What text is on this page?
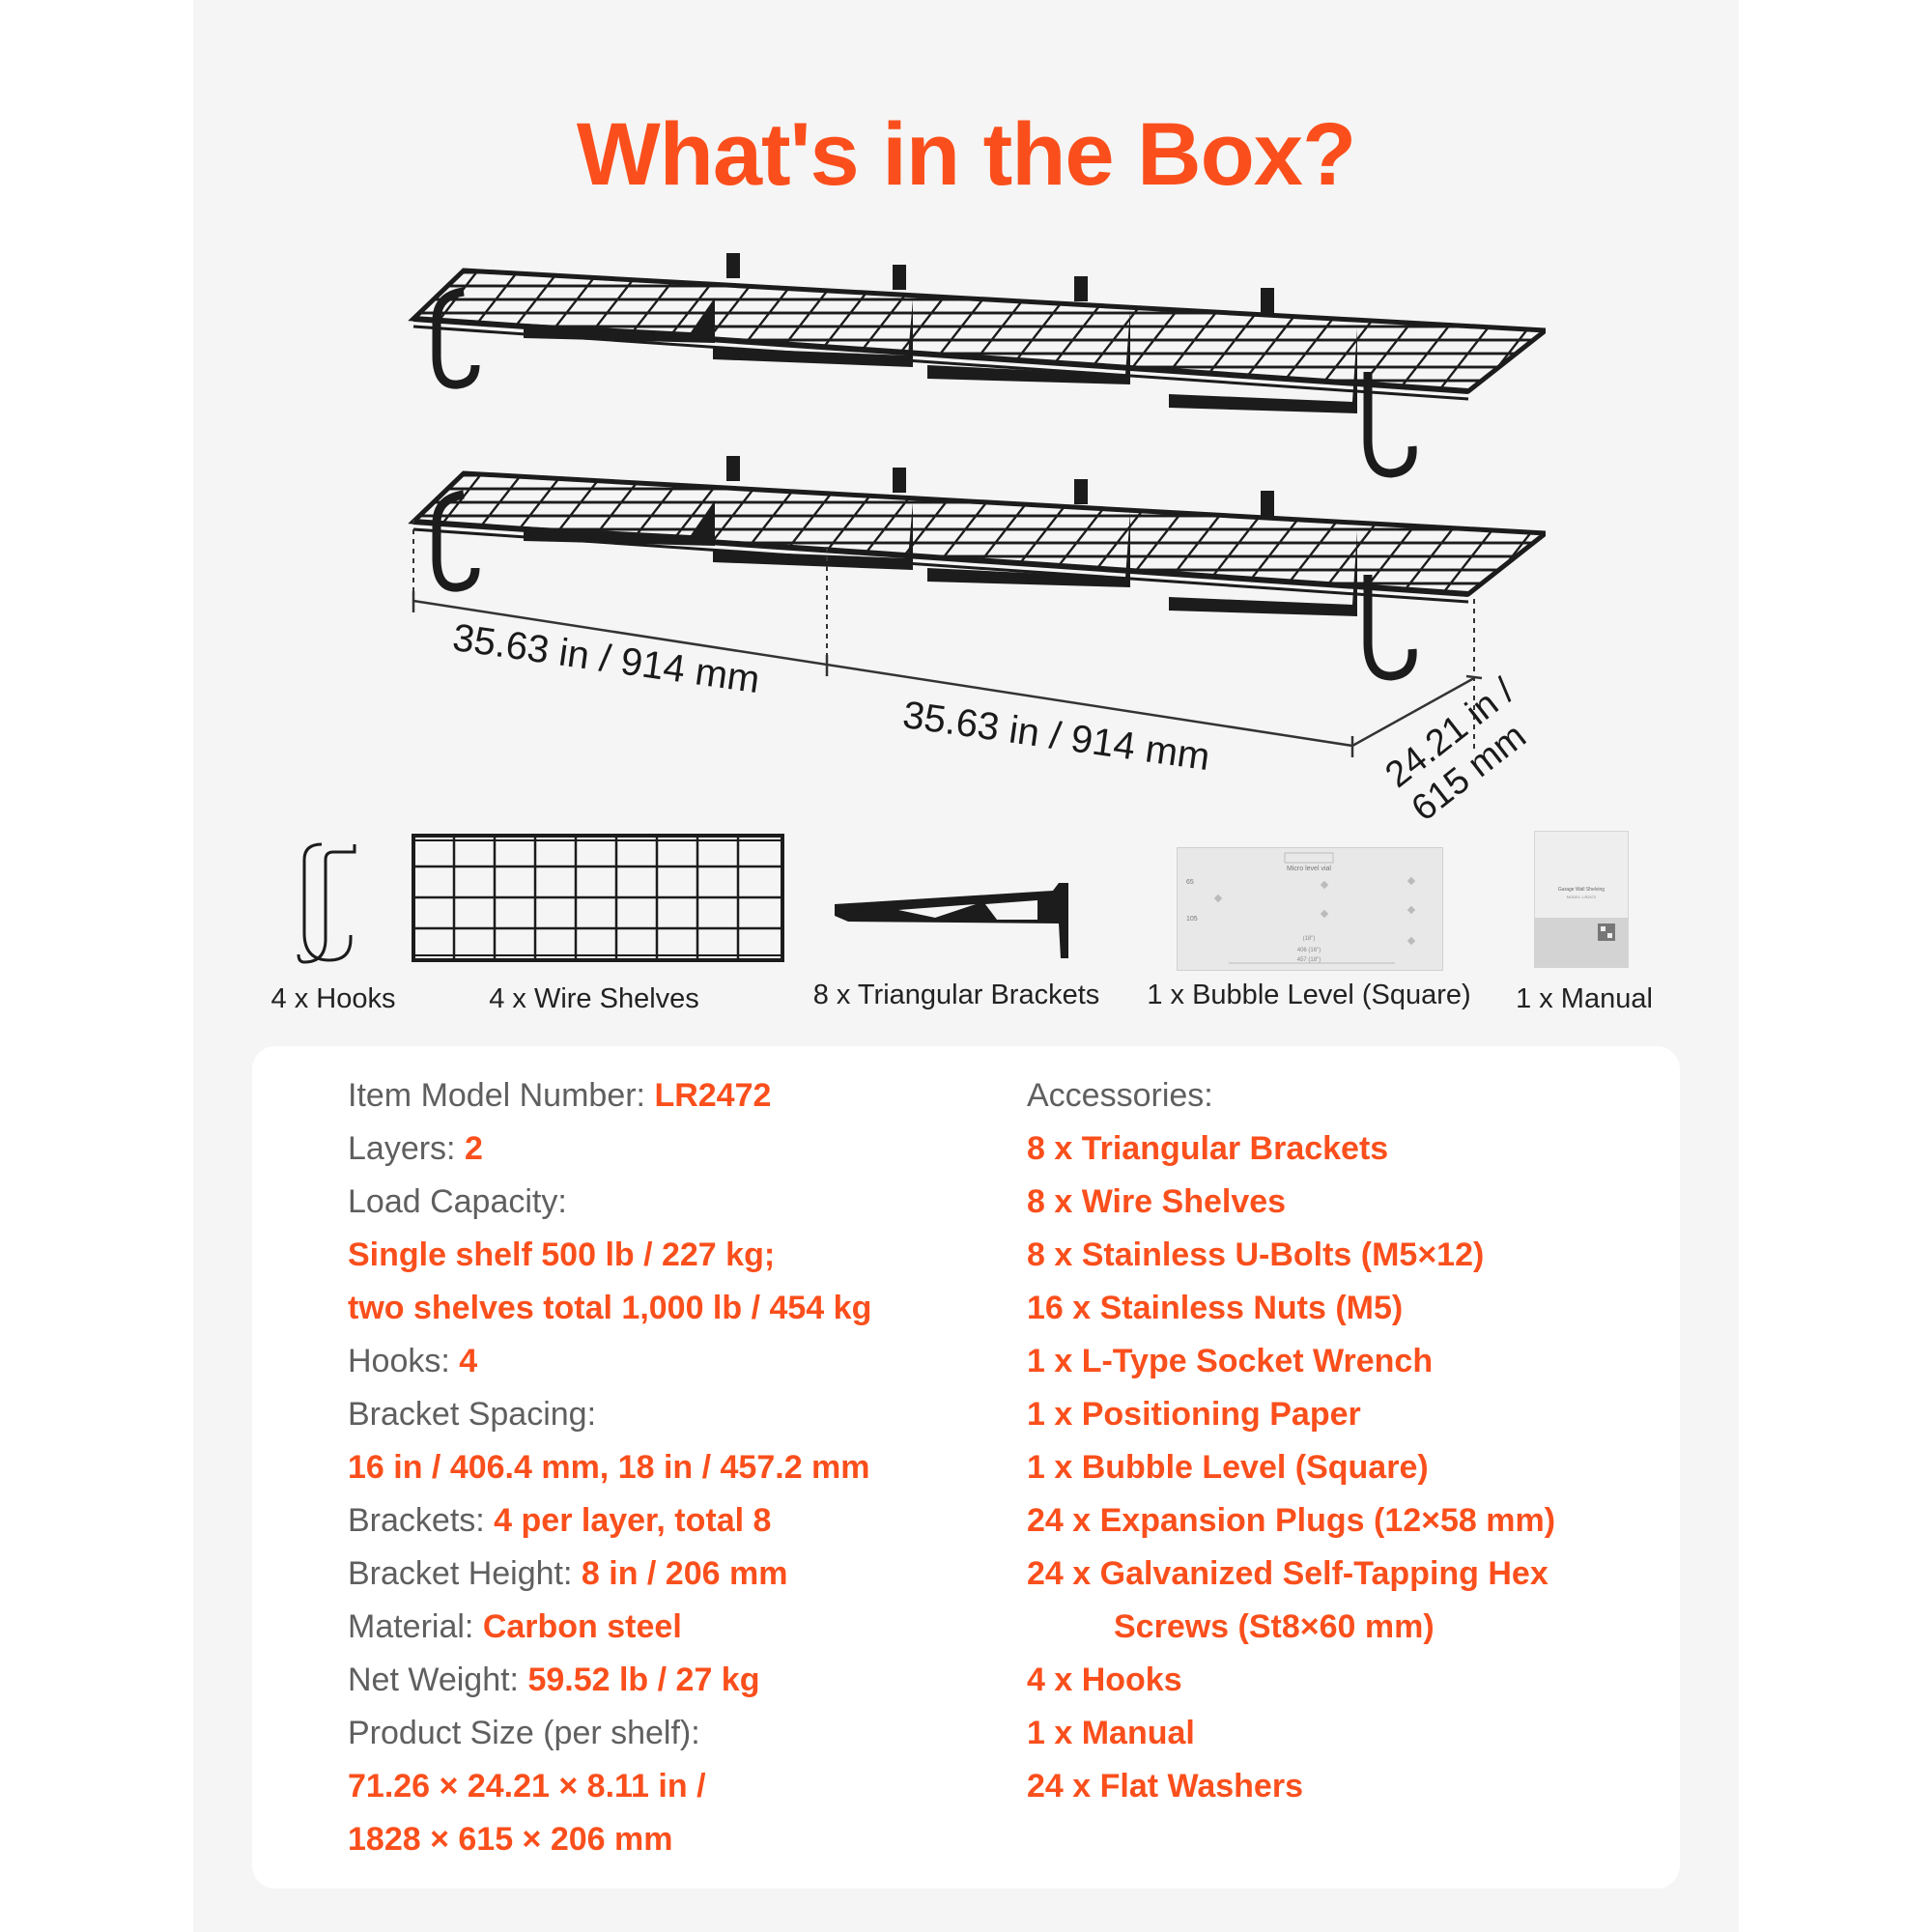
What's in the Box?
35.63 in / 914 mm
35.63 in / 914 mm	24.21 in / 615 mm
4 x Hooks	4 x Wire Shelves	8 x Triangular Brackets
Micro level vial
65
105
(18")
406 (16")
457 (18")
1 x Bubble Level (Square)
Garage Wall Shelving
MODEL: LR2472
1 x Manual
Item Model Number: LR2472
Layers: 2
Load Capacity:
Single shelf 500 lb / 227 kg;
two shelves total 1,000 lb / 454 kg
Hooks: 4
Bracket Spacing:
16 in / 406.4 mm, 18 in / 457.2 mm
Brackets: 4 per layer, total 8
Bracket Height: 8 in / 206 mm
Material: Carbon steel
Net Weight: 59.52 lb / 27 kg
Product Size (per shelf):
71.26 × 24.21 × 8.11 in /
1828 × 615 × 206 mm
Accessories:
8 x Triangular Brackets
8 x Wire Shelves
8 x Stainless U-Bolts (M5×12)
16 x Stainless Nuts (M5)
1 x L-Type Socket Wrench
1 x Positioning Paper
1 x Bubble Level (Square)
24 x Expansion Plugs (12×58 mm)
24 x Galvanized Self-Tapping Hex
Screws (St8×60 mm)
4 x Hooks
1 x Manual
24 x Flat Washers
